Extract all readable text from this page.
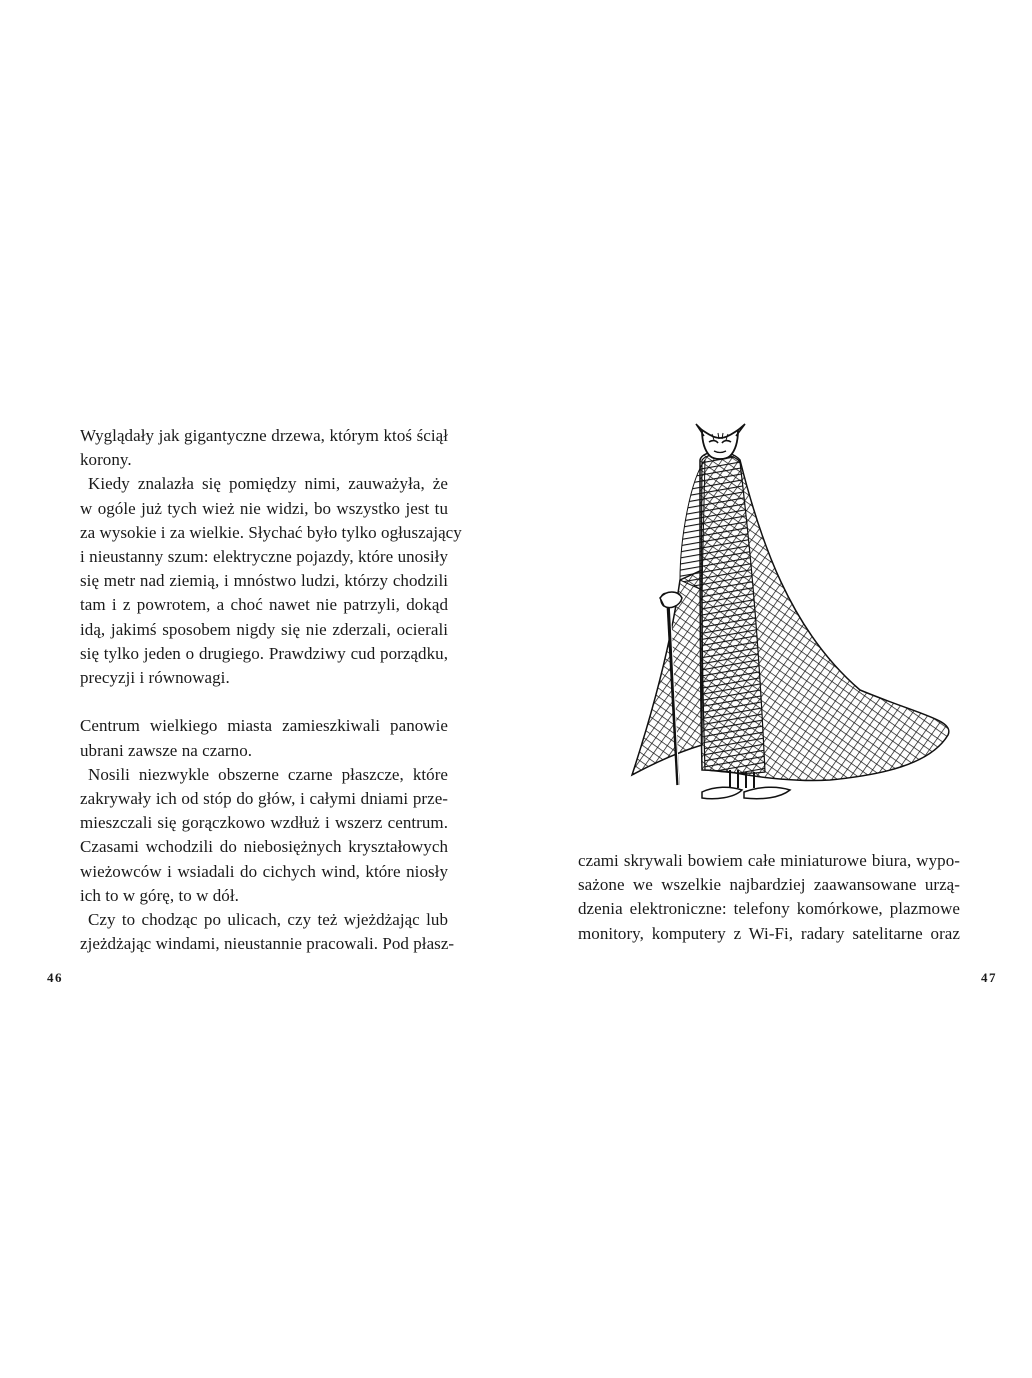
Wyglądały jak gigantyczne drzewa, którym ktoś ściął
korony.
Kiedy znalazła się pomiędzy nimi, zauważyła, że
w ogóle już tych wież nie widzi, bo wszystko jest tu
za wysokie i za wielkie. Słychać było tylko ogłuszający
i nieustanny szum: elektryczne pojazdy, które unosiły
się metr nad ziemią, i mnóstwo ludzi, którzy chodzili
tam i z powrotem, a choć nawet nie patrzyli, dokąd
idą, jakimś sposobem nigdy się nie zderzali, ocierali
się tylko jeden o drugiego. Prawdziwy cud porządku,
precyzji i równowagi.
Centrum wielkiego miasta zamieszkiwali panowie
ubrani zawsze na czarno.
Nosili niezwykle obszerne czarne płaszcze, które
zakrywały ich od stóp do głów, i całymi dniami prze-
mieszczali się gorączkowo wzdłuż i wszerz centrum.
Czasami wchodzili do niebosiężnych kryształowych
wieżowców i wsiadali do cichych wind, które niosły
ich to w górę, to w dół.
Czy to chodząc po ulicach, czy też wjeżdżając lub
zjeżdżając windami, nieustannie pracowali. Pod płasz-
46
czami skrywali bowiem całe miniaturowe biura, wypo-
sażone we wszelkie najbardziej zaawansowane urzą-
dzenia elektroniczne: telefony komórkowe, plazmowe
monitory, komputery z Wi-Fi, radary satelitarne oraz
47
